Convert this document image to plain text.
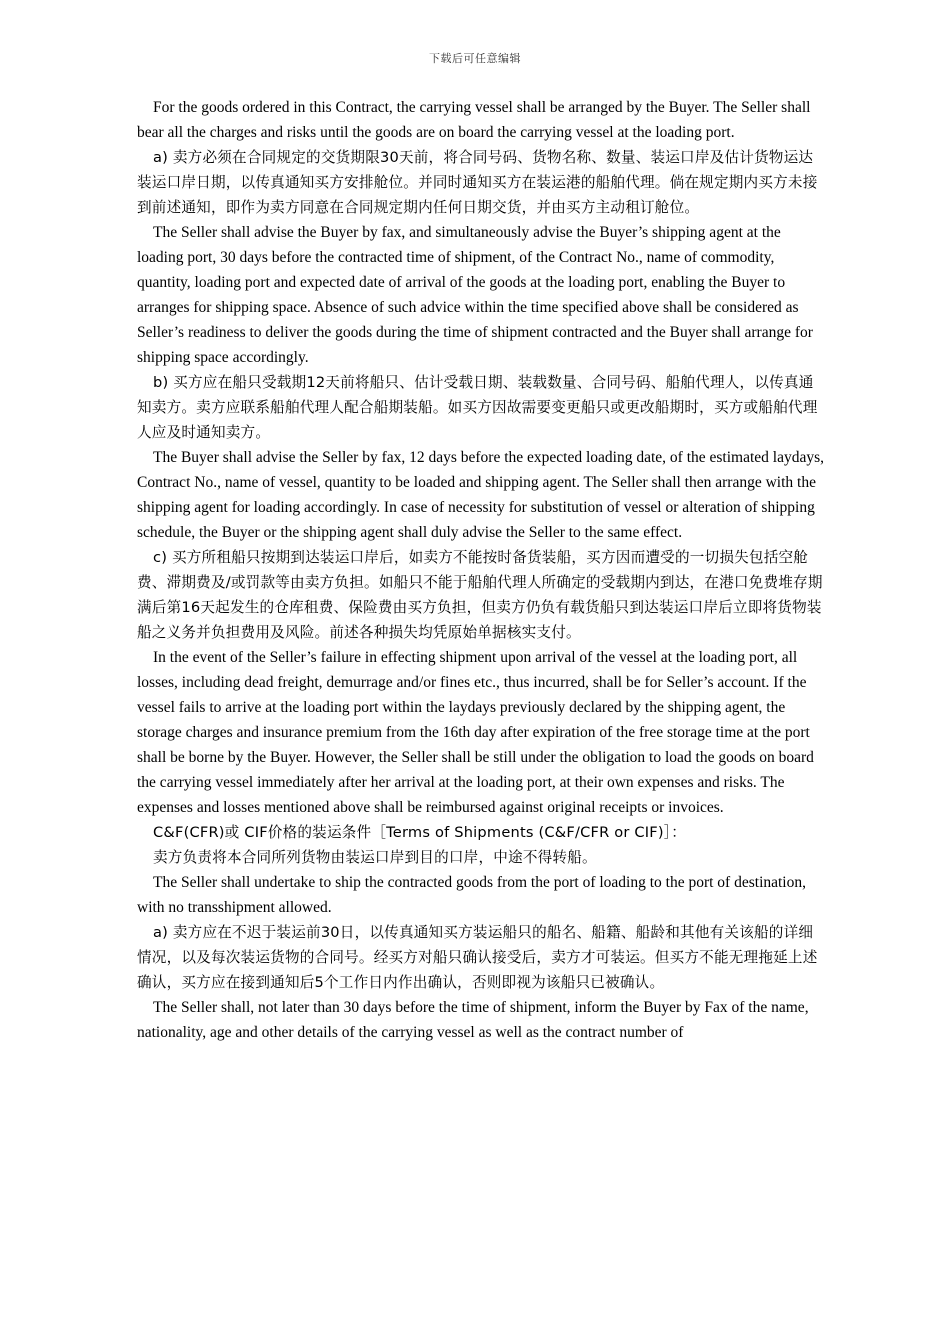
下载后可任意编辑

For the goods ordered in this Contract, the carrying vessel shall be arranged by the Buyer. The Seller shall bear all the charges and risks until the goods are on board the carrying vessel at the loading port.

a) 卖方必须在合同规定的交货期限30天前，将合同号码、货物名称、数量、装运口岸及估计货物运达装运口岸日期，以传真通知买方安排舱位。并同时通知买方在装运港的船舶代理。倘在规定期内买方未接到前述通知，即作为卖方同意在合同规定期内任何日期交货，并由买方主动租订舱位。

The Seller shall advise the Buyer by fax, and simultaneously advise the Buyer’s shipping agent at the loading port, 30 days before the contracted time of shipment, of the Contract No., name of commodity, quantity, loading port and expected date of arrival of the goods at the loading port, enabling the Buyer to arranges for shipping space. Absence of such advice within the time specified above shall be considered as Seller’s readiness to deliver the goods during the time of shipment contracted and the Buyer shall arrange for shipping space accordingly.

b) 买方应在船只受载期12天前将船只、估计受载日期、装载数量、合同号码、船舶代理人，以传真通知卖方。卖方应联系船舶代理人配合船期装船。如买方因故需要变更船只或更改船期时，买方或船舶代理人应及时通知卖方。

The Buyer shall advise the Seller by fax, 12 days before the expected loading date, of the estimated laydays, Contract No., name of vessel, quantity to be loaded and shipping agent. The Seller shall then arrange with the shipping agent for loading accordingly. In case of necessity for substitution of vessel or alteration of shipping schedule, the Buyer or the shipping agent shall duly advise the Seller to the same effect.

c) 买方所租船只按期到达装运口岸后，如卖方不能按时备货装船，买方因而遭受的一切损失包括空舱费、滞期费及/或罚款等由卖方负担。如船只不能于船舶代理人所确定的受载期内到达，在港口免费堆存期满后第16天起发生的仓库租费、保险费由买方负担，但卖方仍负有载货船只到达装运口岸后立即将货物装船之义务并负担费用及风险。前述各种损失均凭原始单据核实支付。

In the event of the Seller’s failure in effecting shipment upon arrival of the vessel at the loading port, all losses, including dead freight, demurrage and/or fines etc., thus incurred, shall be for Seller’s account. If the vessel fails to arrive at the loading port within the laydays previously declared by the shipping agent, the storage charges and insurance premium from the 16th day after expiration of the free storage time at the port shall be borne by the Buyer. However, the Seller shall be still under the obligation to load the goods on board the carrying vessel immediately after her arrival at the loading port, at their own expenses and risks. The expenses and losses mentioned above shall be reimbursed against original receipts or invoices.

C&F(CFR)或 CIF价格的装运条件［Terms of Shipments (C&F/CFR or CIF)］：

卖方负责将本合同所列货物由装运口岸到目的口岸，中途不得转船。

The Seller shall undertake to ship the contracted goods from the port of loading to the port of destination, with no transshipment allowed.

a) 卖方应在不迟于装运前30日，以传真通知买方装运船只的船名、船籍、船龄和其他有关该船的详细情况，以及每次装运货物的合同号。经买方对船只确认接受后，卖方才可装运。但买方不能无理拖延上述确认，买方应在接到通知后5个工作日内作出确认，否则即视为该船只已被确认。

The Seller shall, not later than 30 days before the time of shipment, inform the Buyer by Fax of the name, nationality, age and other details of the carrying vessel as well as the contract number of
